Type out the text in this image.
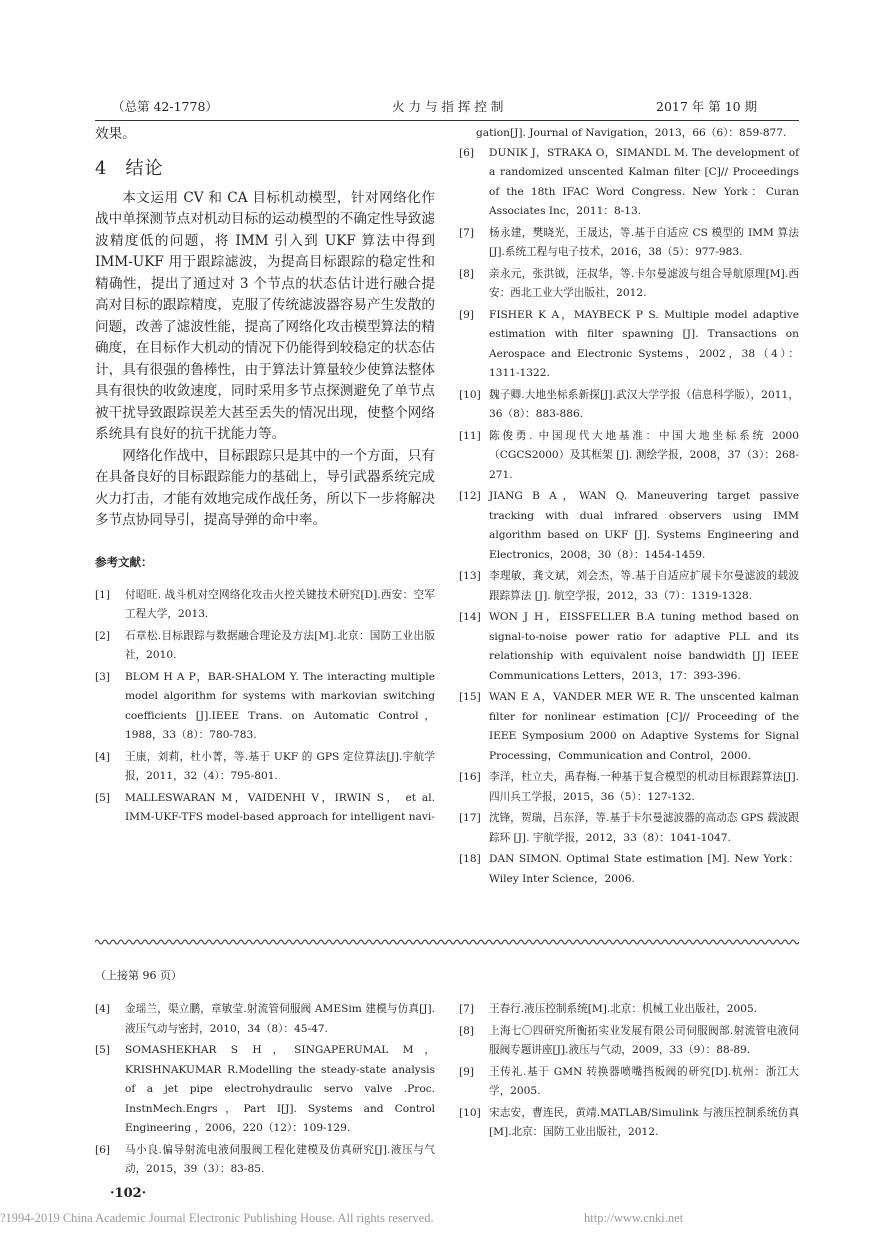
（总第 42-1778）	火 力 与 指 挥 控 制	2017 年 第 10 期

效果。

4 结论

本文运用 CV 和 CA 目标机动模型，针对网络化作战中单探测节点对机动目标的运动模型的不确定性导致滤波精度低的问题，将 IMM 引入到 UKF 算法中得到 IMM-UKF 用于跟踪滤波，为提高目标跟踪的稳定性和精确性，提出了通过对 3 个节点的状态估计进行融合提高对目标的跟踪精度，克服了传统滤波器容易产生发散的问题，改善了滤波性能，提高了网络化攻击模型算法的精确度，在目标作大机动的情况下仍能得到较稳定的状态估计，具有很强的鲁棒性，由于算法计算量较少使算法整体具有很快的收敛速度，同时采用多节点探测避免了单节点被干扰导致跟踪误差大甚至丢失的情况出现，使整个网络系统具有良好的抗干扰能力等。

网络化作战中，目标跟踪只是其中的一个方面，只有在具备良好的目标跟踪能力的基础上，导引武器系统完成火力打击，才能有效地完成作战任务，所以下一步将解决多节点协同导引，提高导弹的命中率。

参考文献：
[1]	付昭旺. 战斗机对空网络化攻击火控关键技术研究[D].西安：空军工程大学，2013.
[2]	石章松.目标跟踪与数据融合理论及方法[M].北京：国防工业出版社，2010.
[3]	BLOM H A P，BAR-SHALOM Y. The interacting multiple model algorithm for systems with markovian switching coefficients [J].IEEE Trans. on Automatic Control，1988，33（8）：780-783.
[4]	王康，刘莉，杜小菁，等.基于 UKF 的 GPS 定位算法[J].宇航学报，2011，32（4）：795-801.
[5]	MALLESWARAN M，VAIDENHI V，IRWIN S， et al. IMM-UKF-TFS model-based approach for intelligent navi-
gation[J]. Journal of Navigation，2013，66（6）：859-877.
[6]	DUNIK J，STRAKA O，SIMANDL M. The development of a randomized unscented Kalman filter [C]// Proceedings of the 18th IFAC Word Congress. New York：Curan Associates Inc，2011：8-13.
[7]	杨永建，樊晓光，王晟达，等.基于自适应 CS 模型的 IMM 算法[J].系统工程与电子技术，2016，38（5）：977-983.
[8]	亲永元，张洪钺，汪叔华，等.卡尔曼滤波与组合导航原理[M].西安：西北工业大学出版社，2012.
[9]	FISHER K A，MAYBECK P S. Multiple model adaptive estimation with filter spawning [J]. Transactions on Aerospace and Electronic Systems，2002，38（4）：1311-1322.
[10] 魏子卿.大地坐标系新探[J].武汉大学学报（信息科学版），2011，36（8）：883-886.
[11] 陈俊勇. 中国现代大地基准：中国大地坐标系统 2000（CGCS2000）及其框架 [J]. 测绘学报，2008，37（3）：268-271.
[12] JIANG B A，WAN Q. Maneuvering target passive tracking with dual infrared observers using IMM algorithm based on UKF [J]. Systems Engineering and Electronics，2008，30（8）：1454-1459.
[13] 李理敏，龚文斌，刘会杰，等.基于自适应扩展卡尔曼滤波的载波跟踪算法 [J]. 航空学报，2012，33（7）：1319-1328.
[14] WON J H，EISSFELLER B.A tuning method based on signal-to-noise power ratio for adaptive PLL and its relationship with equivalent noise bandwidth [J] IEEE Communications Letters，2013，17：393-396.
[15] WAN E A，VANDER MER WE R. The unscented kalman filter for nonlinear estimation [C]// Proceeding of the IEEE Symposium 2000 on Adaptive Systems for Signal Processing，Communication and Control，2000.
[16] 李洋，杜立夫，禹春梅.一种基于复合模型的机动目标跟踪算法[J].四川兵工学报，2015，36（5）：127-132.
[17] 沈锋，贺瑞，吕东泽，等.基于卡尔曼滤波器的高动态 GPS 载波跟踪环 [J]. 宇航学报，2012，33（8）：1041-1047.
[18] DAN SIMON. Optimal State estimation [M]. New York：Wiley Inter Science，2006.
（上接第 96 页）
[4]	金瑶兰，渠立鹏，章敏莹.射流管伺服阀 AMESim 建模与仿真[J].液压气动与密封，2010，34（8）：45-47.
[5]	SOMASHEKHAR S H，SINGAPERUMAL M，KRISHNAKUMAR R.Modelling the steady-state analysis of a jet pipe electrohydraulic servo valve .Proc. InstnMech.Engrs，Part I[J]. Systems and Control Engineering ，2006，220（12）：109-129.
[6]	马小良.偏导射流电液伺服阀工程化建模及仿真研究[J].液压与气动，2015，39（3）：83-85.
[7]	王春行.液压控制系统[M].北京：机械工业出版社，2005.
[8]	上海七〇四研究所衡拓实业发展有限公司伺服阀部.射流管电液伺服阀专题讲座[J].液压与气动，2009，33（9）：88-89.
[9]	王传礼.基于 GMN 转换器喷嘴挡板阀的研究[D].杭州：浙江大学，2005.
[10] 宋志安，曹连民，黄靖.MATLAB/Simulink 与液压控制系统仿真[M].北京：国防工业出版社，2012.
·102·
?1994-2019 China Academic Journal Electronic Publishing House. All rights reserved.	http://www.cnki.net
